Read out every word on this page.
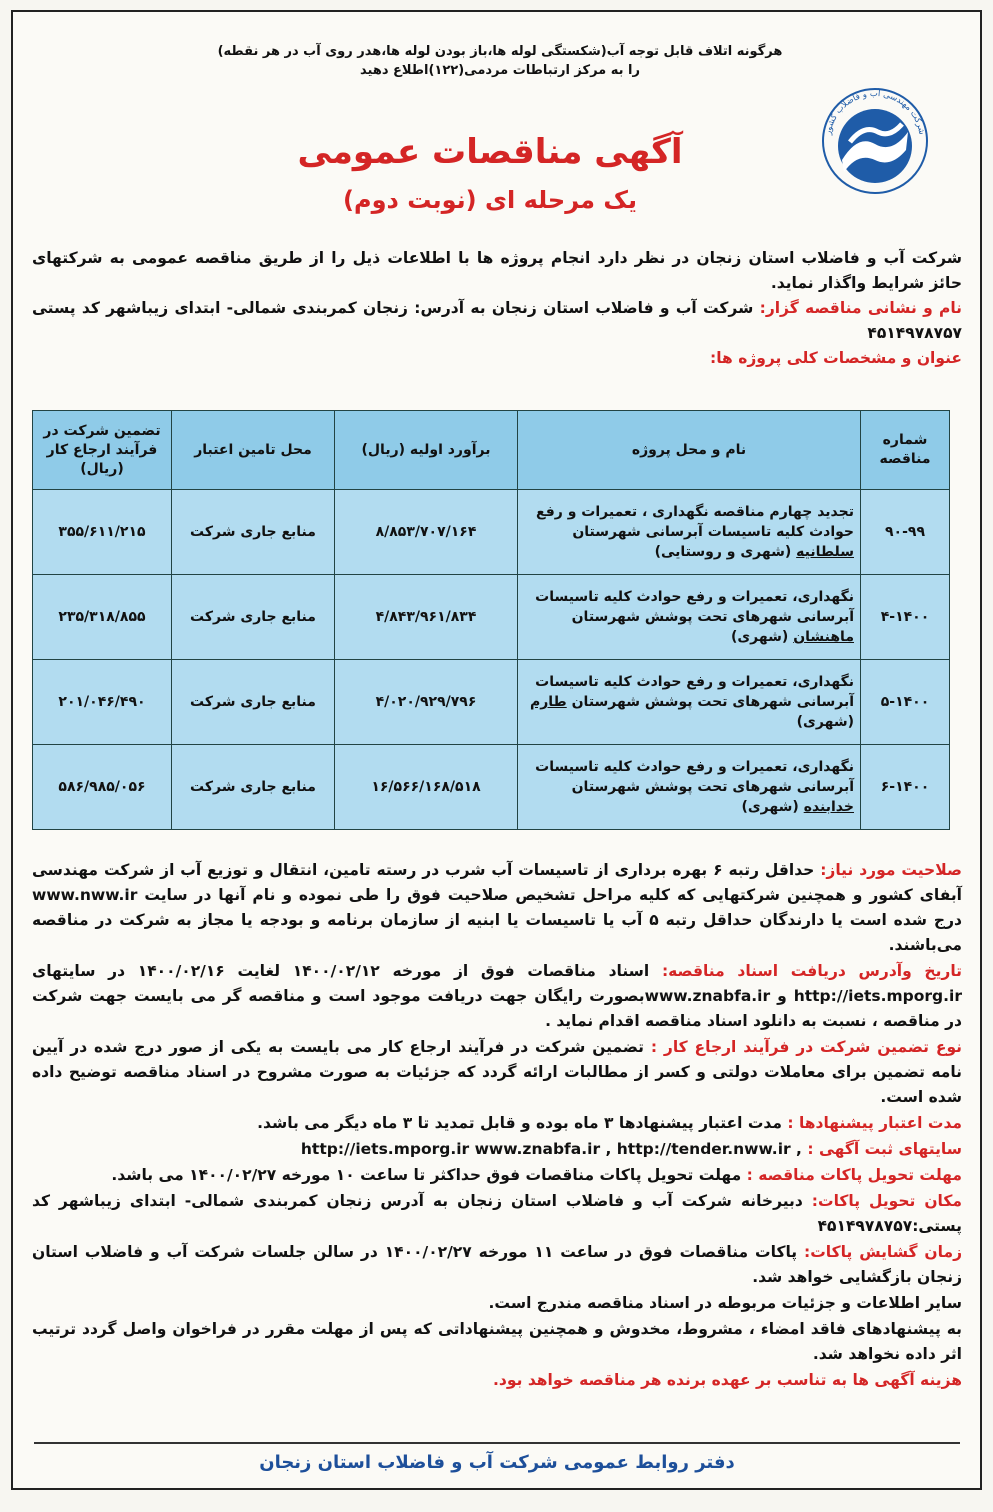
هرگونه اتلاف قابل توجه آب(شکستگی لوله ها،باز بودن لوله ها،هدر روی آب در هر نقطه)
را به مرکز ارتباطات مردمی(۱۲۲)اطلاع دهید
شرکت مهندسی آب و فاضلاب کشور
آگهی مناقصات عمومی
یک مرحله ای (نوبت دوم)
شرکت آب و فاضلاب استان زنجان در نظر دارد انجام پروژه ها با اطلاعات ذیل را از طریق مناقصه عمومی به شرکتهای حائز شرایط واگذار نماید.
نام و نشانی مناقصه گزار: شرکت آب و فاضلاب استان زنجان به آدرس: زنجان کمربندی شمالی- ابتدای زیباشهر کد پستی ۴۵۱۴۹۷۸۷۵۷
عنوان و مشخصات کلی پروژه ها:
شماره مناقصه	نام و محل پروژه	برآورد اولیه (ریال)	محل تامین اعتبار	تضمین شرکت در فرآیند ارجاع کار (ریال)
۹۰-۹۹	تجدید چهارم مناقصه نگهداری ، تعمیرات و رفع حوادث کلیه تاسیسات آبرسانی شهرستان سلطانیه (شهری و روستایی)	۸/۸۵۳/۷۰۷/۱۶۴	منابع جاری شرکت	۳۵۵/۶۱۱/۲۱۵
۴-۱۴۰۰	نگهداری، تعمیرات و رفع حوادث کلیه تاسیسات آبرسانی شهرهای تحت پوشش شهرستان ماهنشان (شهری)	۴/۸۴۳/۹۶۱/۸۳۴	منابع جاری شرکت	۲۳۵/۳۱۸/۸۵۵
۵-۱۴۰۰	نگهداری، تعمیرات و رفع حوادث کلیه تاسیسات آبرسانی شهرهای تحت پوشش شهرستان طارم (شهری)	۴/۰۲۰/۹۲۹/۷۹۶	منابع جاری شرکت	۲۰۱/۰۴۶/۴۹۰
۶-۱۴۰۰	نگهداری، تعمیرات و رفع حوادث کلیه تاسیسات آبرسانی شهرهای تحت پوشش شهرستان خدابنده (شهری)	۱۶/۵۶۶/۱۶۸/۵۱۸	منابع جاری شرکت	۵۸۶/۹۸۵/۰۵۶

صلاحیت مورد نیاز: حداقل رتبه ۶ بهره برداری از تاسیسات آب شرب در رسته تامین، انتقال و توزیع آب از شرکت مهندسی آبفای کشور و همچنین شرکتهایی که کلیه مراحل تشخیص صلاحیت فوق را طی نموده و نام آنها در سایت www.nww.ir درج شده است یا دارندگان حداقل رتبه ۵ آب یا تاسیسات یا ابنیه از سازمان برنامه و بودجه یا مجاز به شرکت در مناقصه می‌باشند.

تاریخ وآدرس دریافت اسناد مناقصه: اسناد مناقصات فوق از مورخه ۱۴۰۰/۰۲/۱۲ لغایت ۱۴۰۰/۰۲/۱۶ در سایتهای http://iets.mporg.ir و www.znabfa.irبصورت رایگان جهت دریافت موجود است و مناقصه گر می بایست جهت شرکت در مناقصه ، نسبت به دانلود اسناد مناقصه اقدام نماید .

نوع تضمین شرکت در فرآیند ارجاع کار : تضمین شرکت در فرآیند ارجاع کار می بایست به یکی از صور درج شده در آیین نامه تضمین برای معاملات دولتی و کسر از مطالبات ارائه گردد که جزئیات به صورت مشروح در اسناد مناقصه توضیح داده شده است.

مدت اعتبار پیشنهادها : مدت اعتبار پیشنهادها ۳ ماه بوده و قابل تمدید تا ۳ ماه دیگر می باشد.

سایتهای ثبت آگهی : http://iets.mporg.ir www.znabfa.ir , http://tender.nww.ir ,

مهلت تحویل پاکات مناقصه : مهلت تحویل پاکات مناقصات فوق حداکثر تا ساعت ۱۰ مورخه ۱۴۰۰/۰۲/۲۷ می باشد.

مکان تحویل پاکات: دبیرخانه شرکت آب و فاضلاب استان زنجان به آدرس زنجان کمربندی شمالی- ابتدای زیباشهر کد پستی:۴۵۱۴۹۷۸۷۵۷

زمان گشایش پاکات: پاکات مناقصات فوق در ساعت ۱۱ مورخه ۱۴۰۰/۰۲/۲۷ در سالن جلسات شرکت آب و فاضلاب استان زنجان بازگشایی خواهد شد.

سایر اطلاعات و جزئیات مربوطه در اسناد مناقصه مندرج است.

به پیشنهادهای فاقد امضاء ، مشروط، مخدوش و همچنین پیشنهاداتی که پس از مهلت مقرر در فراخوان واصل گردد ترتیب اثر داده نخواهد شد.

هزینه آگهی ها به تناسب بر عهده برنده هر مناقصه خواهد بود.

دفتر روابط عمومی شرکت آب و فاضلاب استان زنجان
